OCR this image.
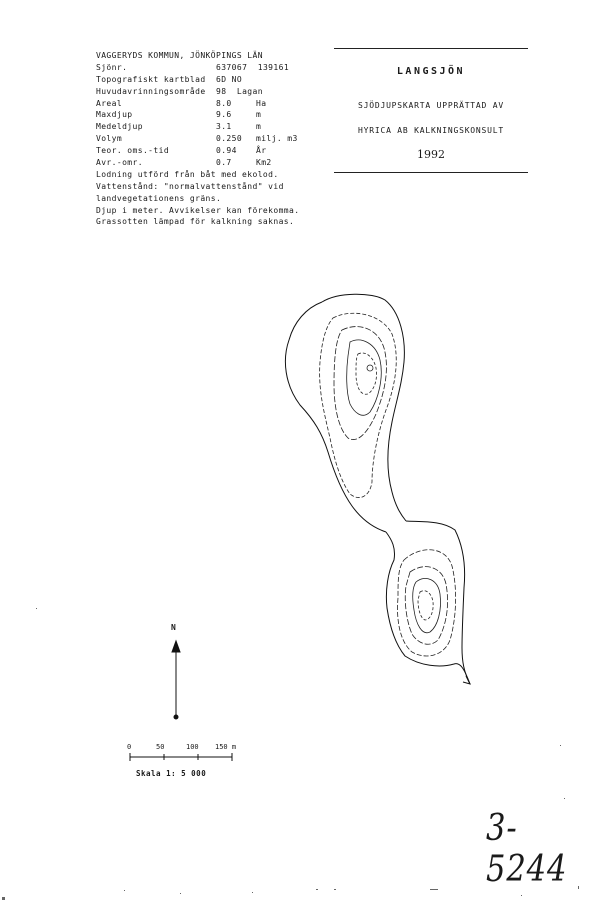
VAGGERYDS KOMMUN, JÖNKÖPINGS LÄN
Sjönr.	637067  139161
Topografiskt kartblad 6D NO
Huvudavrinningsområde 98  Lagan
Areal	8.0	Ha
Maxdjup	9.6	m
Medeldjup	3.1	m
Volym	0.250 milj. m3
Teor. oms.-tid	0.94 År
Avr.-omr.	0.7	Km2
Lodning utförd från båt med ekolod.
Vattenstånd: "normalvattenstånd" vid
landvegetationens gräns.
Djup i meter. Avvikelser kan förekomma.
Grassotten lämpad för kalkning saknas.
LANGSJÖN
SJÖDJUPSKARTA UPPRÄTTAD AV
HYRICA AB KALKNINGSKONSULT
1992
N
0	50	100 150 m
Skala 1: 5 000
3-5244
